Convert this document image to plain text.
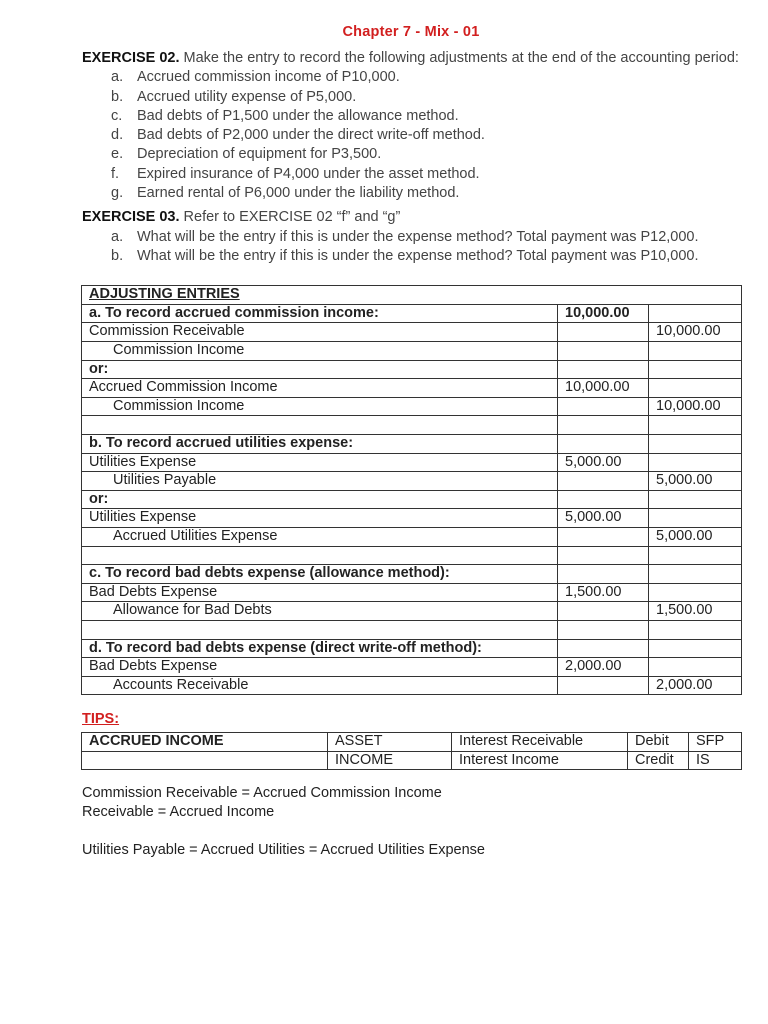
Chapter 7 - Mix - 01

EXERCISE 02. Make the entry to record the following adjustments at the end of the accounting period:

a. Accrued commission income of P10,000.
b. Accrued utility expense of P5,000.
c.	Bad debts of P1,500 under the allowance method.
d. Bad debts of P2,000 under the direct write-off method.
e. Depreciation of equipment for P3,500.
f.	Expired insurance of P4,000 under the asset method.
g. Earned rental of P6,000 under the liability method.

EXERCISE 03. Refer to EXERCISE 02 “f” and “g”

a. What will be the entry if this is under the expense method? Total payment was P12,000.
b. What will be the entry if this is under the expense method? Total payment was P10,000.
ADJUSTING ENTRIES		
a. To record accrued commission income:	10,000.00	
Commission Receivable		10,000.00
Commission Income		
or:		
Accrued Commission Income	10,000.00	
Commission Income		10,000.00

b. To record accrued utilities expense:		
Utilities Expense	5,000.00	
Utilities Payable		5,000.00
or:		
Utilities Expense	5,000.00	
Accrued Utilities Expense		5,000.00

c. To record bad debts expense (allowance method):		
Bad Debts Expense	1,500.00	
Allowance for Bad Debts		1,500.00

d. To record bad debts expense (direct write-off method):		
Bad Debts Expense	2,000.00	
Accounts Receivable		2,000.00
TIPS:
ACCRUED INCOME	ASSET	Interest Receivable	Debit	SFP
	INCOME	Interest Income	Credit	IS
Commission Receivable = Accrued Commission Income
Receivable = Accrued Income
Utilities Payable = Accrued Utilities = Accrued Utilities Expense
